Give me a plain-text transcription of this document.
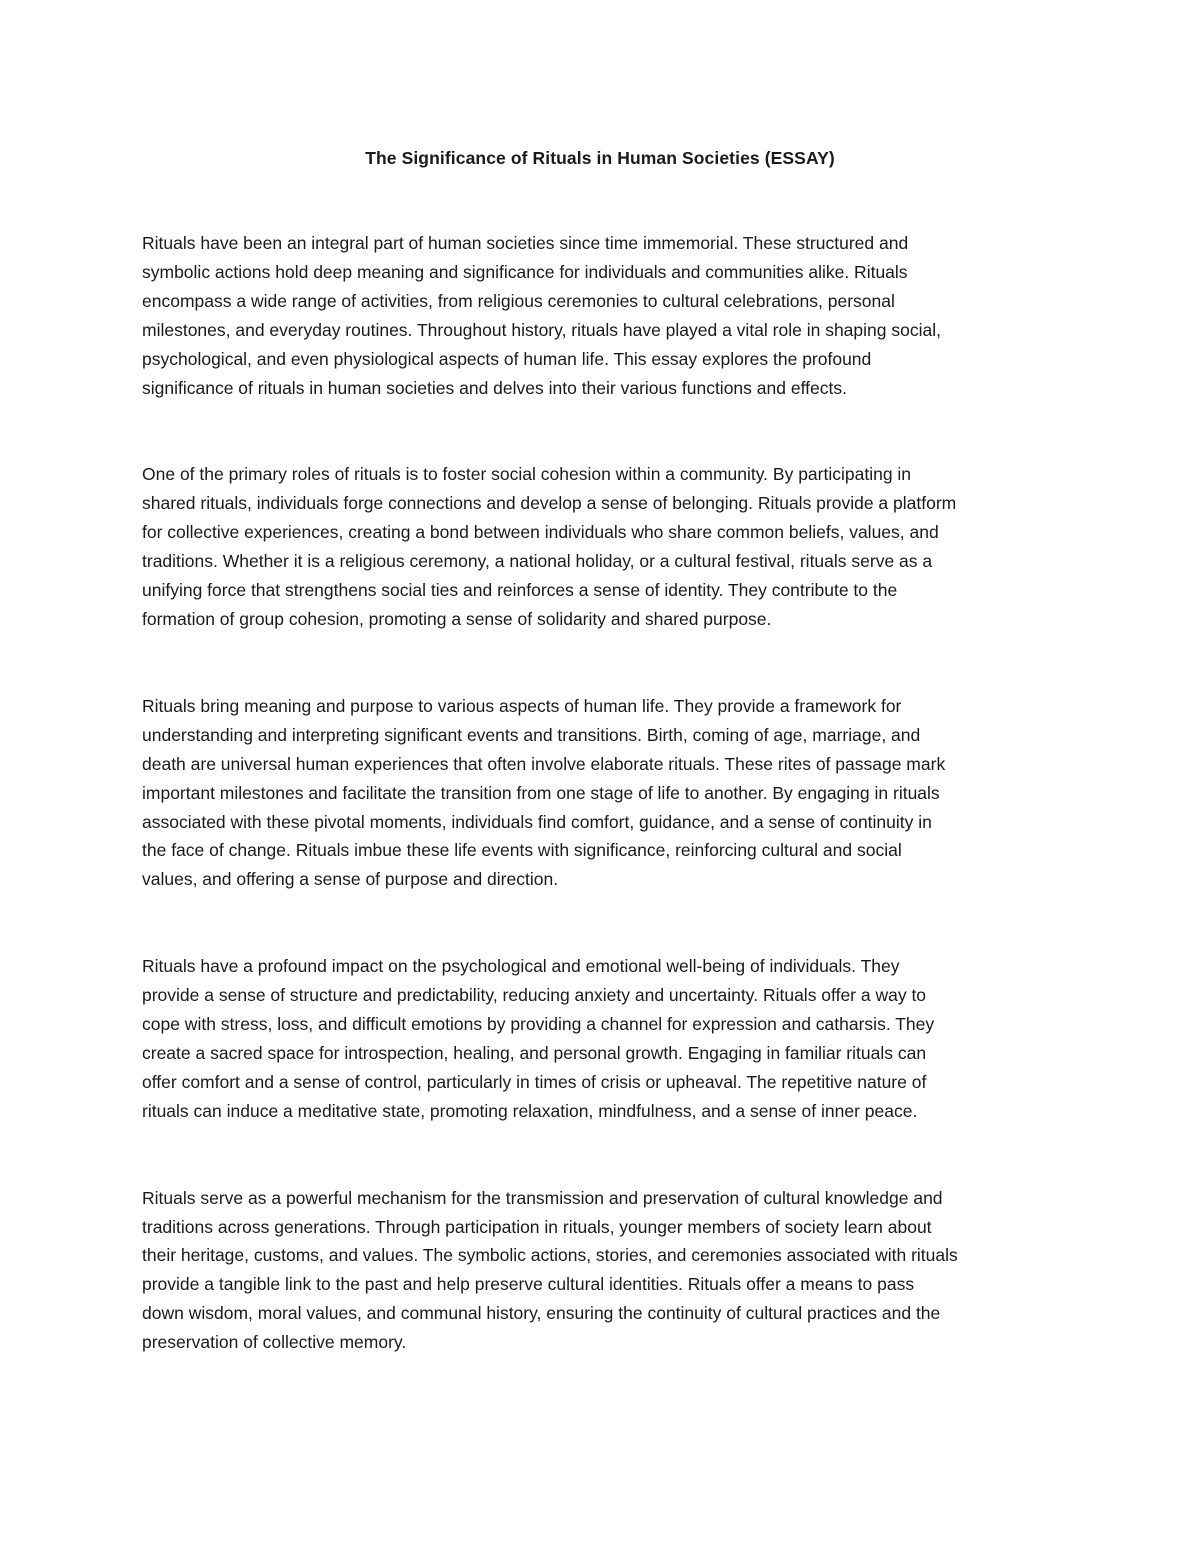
The Significance of Rituals in Human Societies (ESSAY)

Rituals have been an integral part of human societies since time immemorial. These structured and
symbolic actions hold deep meaning and significance for individuals and communities alike. Rituals
encompass a wide range of activities, from religious ceremonies to cultural celebrations, personal
milestones, and everyday routines. Throughout history, rituals have played a vital role in shaping social,
psychological, and even physiological aspects of human life. This essay explores the profound
significance of rituals in human societies and delves into their various functions and effects.

One of the primary roles of rituals is to foster social cohesion within a community. By participating in
shared rituals, individuals forge connections and develop a sense of belonging. Rituals provide a platform
for collective experiences, creating a bond between individuals who share common beliefs, values, and
traditions. Whether it is a religious ceremony, a national holiday, or a cultural festival, rituals serve as a
unifying force that strengthens social ties and reinforces a sense of identity. They contribute to the
formation of group cohesion, promoting a sense of solidarity and shared purpose.

Rituals bring meaning and purpose to various aspects of human life. They provide a framework for
understanding and interpreting significant events and transitions. Birth, coming of age, marriage, and
death are universal human experiences that often involve elaborate rituals. These rites of passage mark
important milestones and facilitate the transition from one stage of life to another. By engaging in rituals
associated with these pivotal moments, individuals find comfort, guidance, and a sense of continuity in
the face of change. Rituals imbue these life events with significance, reinforcing cultural and social
values, and offering a sense of purpose and direction.

Rituals have a profound impact on the psychological and emotional well-being of individuals. They
provide a sense of structure and predictability, reducing anxiety and uncertainty. Rituals offer a way to
cope with stress, loss, and difficult emotions by providing a channel for expression and catharsis. They
create a sacred space for introspection, healing, and personal growth. Engaging in familiar rituals can
offer comfort and a sense of control, particularly in times of crisis or upheaval. The repetitive nature of
rituals can induce a meditative state, promoting relaxation, mindfulness, and a sense of inner peace.

Rituals serve as a powerful mechanism for the transmission and preservation of cultural knowledge and
traditions across generations. Through participation in rituals, younger members of society learn about
their heritage, customs, and values. The symbolic actions, stories, and ceremonies associated with rituals
provide a tangible link to the past and help preserve cultural identities. Rituals offer a means to pass
down wisdom, moral values, and communal history, ensuring the continuity of cultural practices and the
preservation of collective memory.
